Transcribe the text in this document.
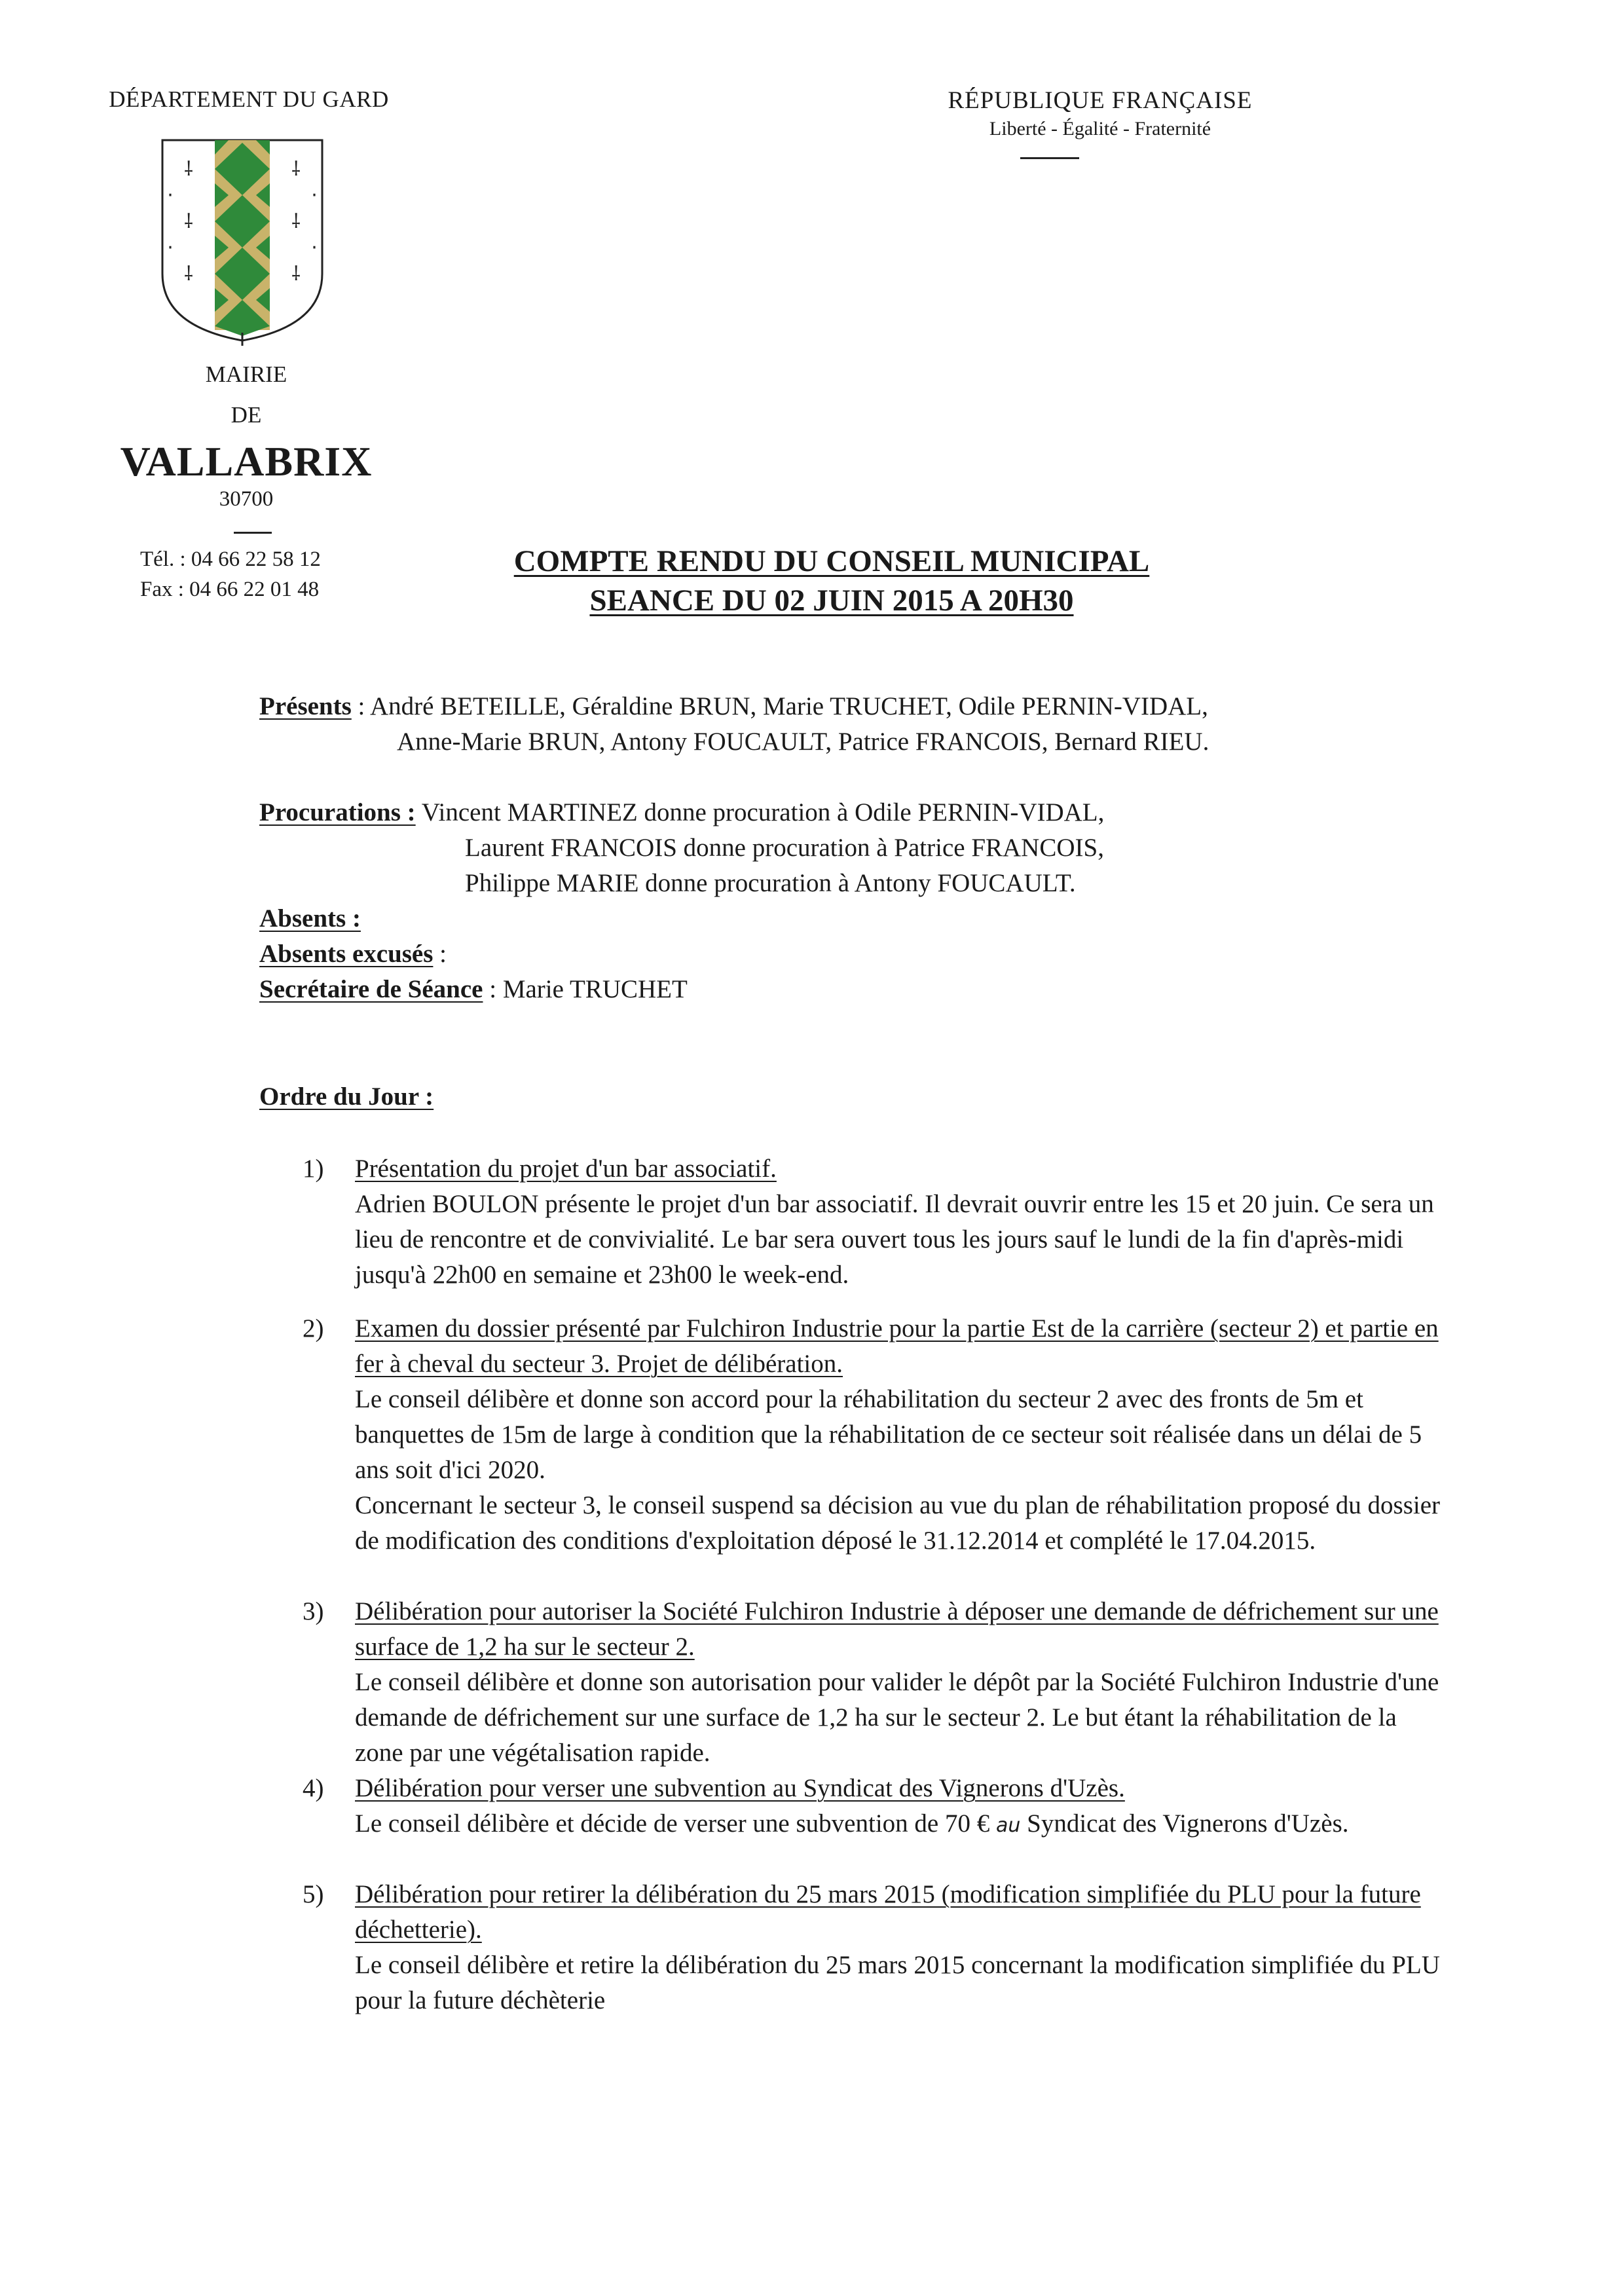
DÉPARTEMENT DU GARD
⸸	⸸
⸸	⸸
⸸	⸸
·	·
·	·
MAIRIE
DE
VALLABRIX
30700
Tél. : 04 66 22 58 12
Fax : 04 66 22 01 48
RÉPUBLIQUE FRANÇAISE
Liberté - Égalité - Fraternité
COMPTE RENDU DU CONSEIL MUNICIPAL
SEANCE DU 02 JUIN 2015 A 20H30
Présents : André BETEILLE, Géraldine BRUN, Marie TRUCHET, Odile PERNIN-VIDAL,
Anne-Marie BRUN, Antony FOUCAULT, Patrice FRANCOIS, Bernard RIEU.
Procurations : Vincent MARTINEZ donne procuration à Odile PERNIN-VIDAL,
Laurent FRANCOIS donne procuration à Patrice FRANCOIS,
Philippe MARIE donne procuration à Antony FOUCAULT.
Absents :
Absents excusés :
Secrétaire de Séance : Marie TRUCHET
Ordre du Jour :
1) Présentation du projet d'un bar associatif.

Adrien BOULON présente le projet d'un bar associatif. Il devrait ouvrir entre les 15 et 20 juin. Ce sera un lieu de rencontre et de convivialité. Le bar sera ouvert tous les jours sauf le lundi de la fin d'après-midi jusqu'à 22h00 en semaine et 23h00 le week-end.

2) Examen du dossier présenté par Fulchiron Industrie pour la partie Est de la carrière (secteur 2) et partie en fer à cheval du secteur 3. Projet de délibération.

Le conseil délibère et donne son accord pour la réhabilitation du secteur 2 avec des fronts de 5m et banquettes de 15m de large à condition que la réhabilitation de ce secteur soit réalisée dans un délai de 5 ans soit d'ici 2020.

Concernant le secteur 3, le conseil suspend sa décision au vue du plan de réhabilitation proposé du dossier de modification des conditions d'exploitation déposé le 31.12.2014 et complété le 17.04.2015.

3) Délibération pour autoriser la Société Fulchiron Industrie à déposer une demande de défrichement sur une surface de 1,2 ha sur le secteur 2.

Le conseil délibère et donne son autorisation pour valider le dépôt par la Société Fulchiron Industrie d'une demande de défrichement sur une surface de 1,2 ha sur le secteur 2. Le but étant la réhabilitation de la zone par une végétalisation rapide.

4) Délibération pour verser une subvention au Syndicat des Vignerons d'Uzès.

Le conseil délibère et décide de verser une subvention de 70 € au Syndicat des Vignerons d'Uzès.

5) Délibération pour retirer la délibération du 25 mars 2015 (modification simplifiée du PLU pour la future déchetterie).

Le conseil délibère et retire la délibération du 25 mars 2015 concernant la modification simplifiée du PLU pour la future déchèterie
